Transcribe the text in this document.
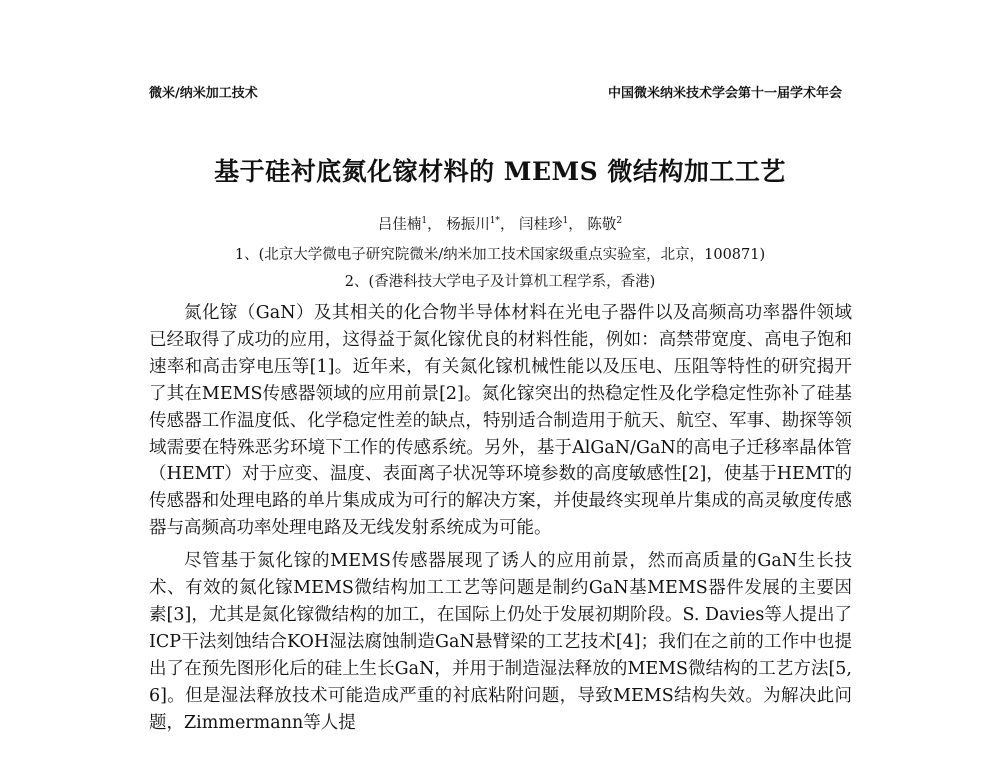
微米/纳米加工技术	中国微米纳米技术学会第十一届学术年会
基于硅衬底氮化镓材料的 MEMS 微结构加工工艺
吕佳楠$^1$， 杨振川$^{1*}$， 闫桂珍$^1$， 陈敬$^2$
1、(北京大学微电子研究院微米/纳米加工技术国家级重点实验室，北京，100871)
2、(香港科技大学电子及计算机工程学系，香港)

氮化镓（GaN）及其相关的化合物半导体材料在光电子器件以及高频高功率器件领域已经取得了成功的应用，这得益于氮化镓优良的材料性能，例如：高禁带宽度、高电子饱和速率和高击穿电压等[1]。近年来，有关氮化镓机械性能以及压电、压阻等特性的研究揭开了其在MEMS传感器领域的应用前景[2]。氮化镓突出的热稳定性及化学稳定性弥补了硅基传感器工作温度低、化学稳定性差的缺点，特别适合制造用于航天、航空、军事、勘探等领域需要在特殊恶劣环境下工作的传感系统。另外，基于AlGaN/GaN的高电子迁移率晶体管（HEMT）对于应变、温度、表面离子状况等环境参数的高度敏感性[2]，使基于HEMT的传感器和处理电路的单片集成成为可行的解决方案，并使最终实现单片集成的高灵敏度传感器与高频高功率处理电路及无线发射系统成为可能。

尽管基于氮化镓的MEMS传感器展现了诱人的应用前景，然而高质量的GaN生长技术、有效的氮化镓MEMS微结构加工工艺等问题是制约GaN基MEMS器件发展的主要因素[3]，尤其是氮化镓微结构的加工，在国际上仍处于发展初期阶段。S. Davies等人提出了ICP干法刻蚀结合KOH湿法腐蚀制造GaN悬臂梁的工艺技术[4]；我们在之前的工作中也提出了在预先图形化后的硅上生长GaN，并用于制造湿法释放的MEMS微结构的工艺方法[5, 6]。但是湿法释放技术可能造成严重的衬底粘附问题，导致MEMS结构失效。为解决此问题，Zimmermann等人提
